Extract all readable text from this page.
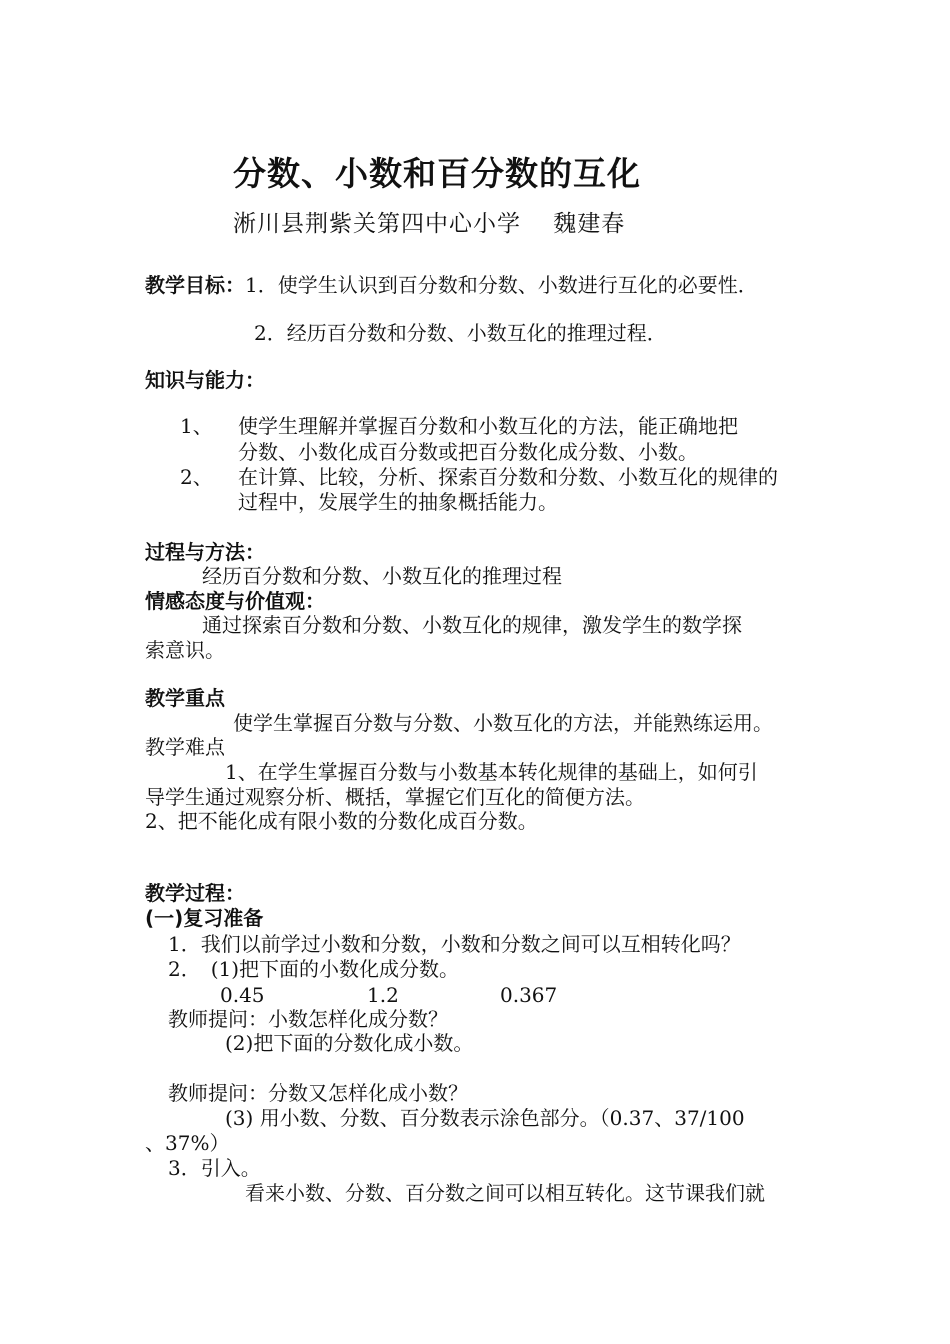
分数、小数和百分数的互化
淅川县荆紫关第四中心小学　 魏建春
教学目标：1．使学生认识到百分数和分数、小数进行互化的必要性．
2．经历百分数和分数、小数互化的推理过程．
知识与能力：
1、 使学生理解并掌握百分数和小数互化的方法，能正确地把
分数、小数化成百分数或把百分数化成分数、小数。
2、 在计算、比较，分析、探索百分数和分数、小数互化的规律的
过程中，发展学生的抽象概括能力。
过程与方法：
经历百分数和分数、小数互化的推理过程
情感态度与价值观：
通过探索百分数和分数、小数互化的规律，激发学生的数学探
索意识。
教学重点
使学生掌握百分数与分数、小数互化的方法，并能熟练运用。
教学难点
1、在学生掌握百分数与小数基本转化规律的基础上，如何引
导学生通过观察分析、概括，掌握它们互化的简便方法。
2、把不能化成有限小数的分数化成百分数。
教学过程：
(一)复习准备
1．我们以前学过小数和分数，小数和分数之间可以互相转化吗？
2．　(1)把下面的小数化成分数。
0.45	1.2	0.367
教师提问：小数怎样化成分数？
(2)把下面的分数化成小数。
教师提问：分数又怎样化成小数？
(3) 用小数、分数、百分数表示涂色部分。（0.37、37/100
、37%）
3．引入。
看来小数、分数、百分数之间可以相互转化。这节课我们就
